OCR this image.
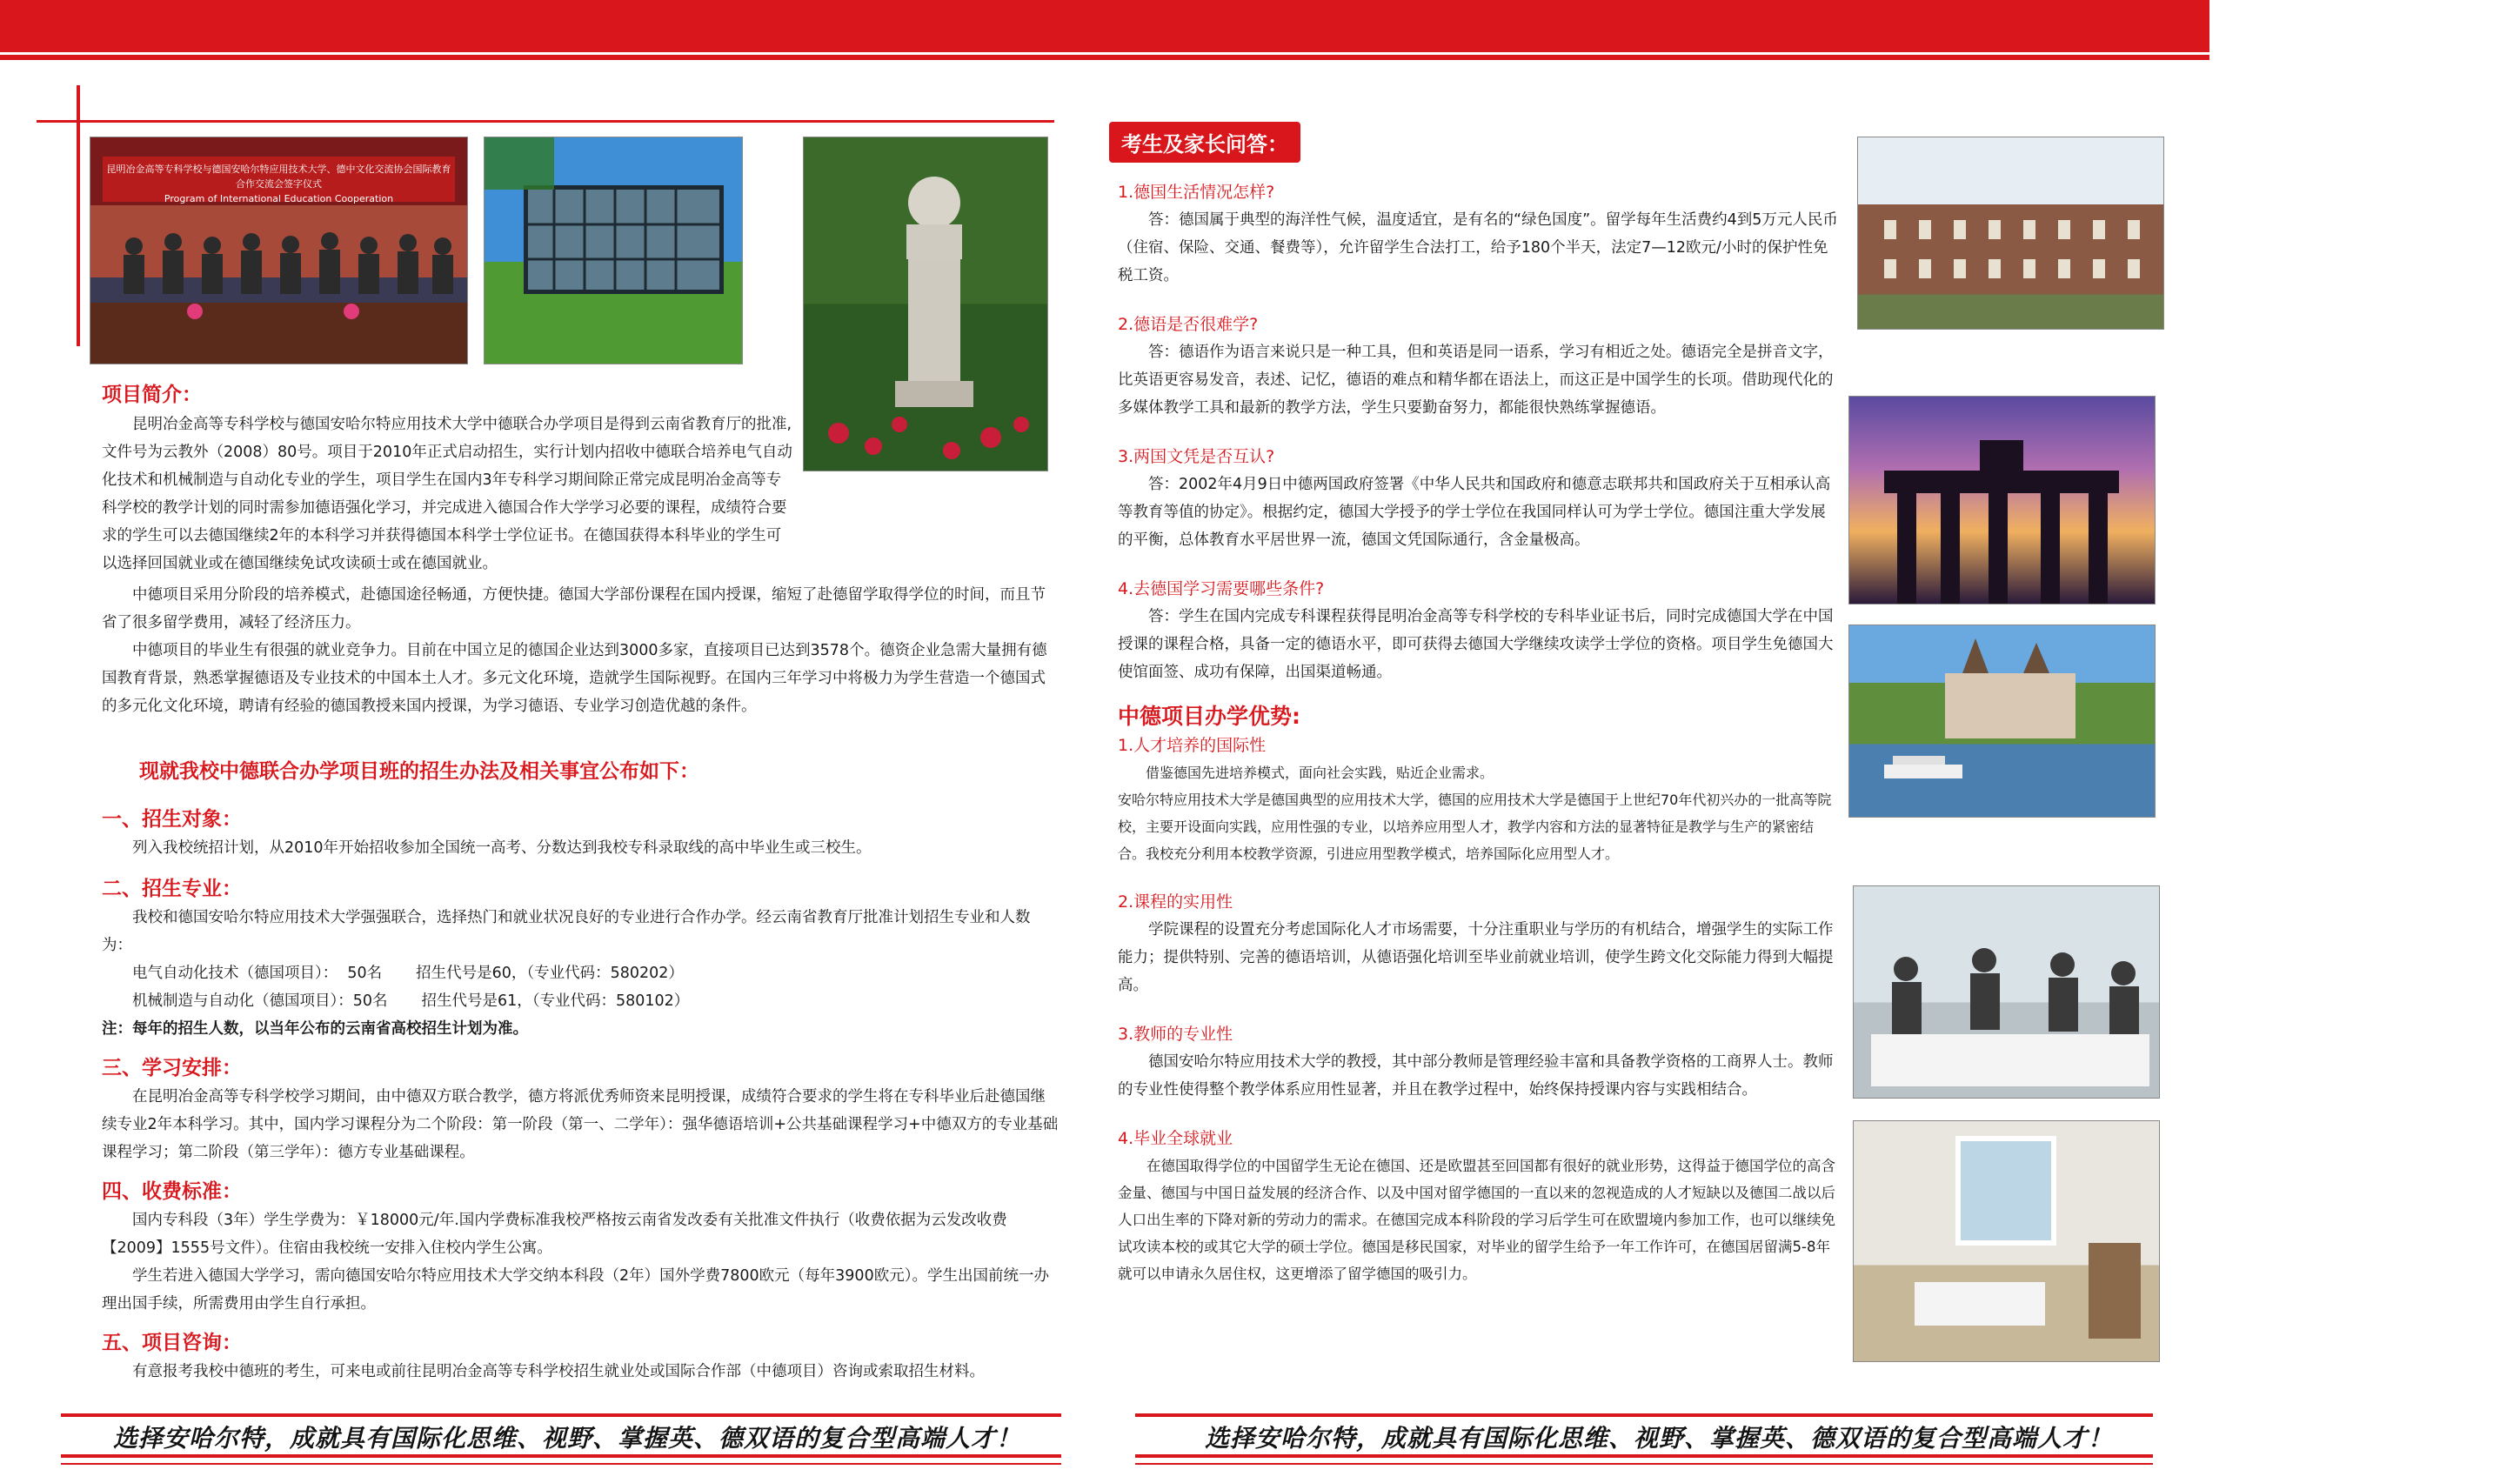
昆明冶金高等专科学校与德国安哈尔特应用技术大学、德中文化交流协会国际教育合作交流会签字仪式
Program of International Education Cooperation
项目简介：

昆明冶金高等专科学校与德国安哈尔特应用技术大学中德联合办学项目是得到云南省教育厅的批准,文件号为云教外（2008）80号。项目于2010年正式启动招生，实行计划内招收中德联合培养电气自动化技术和机械制造与自动化专业的学生，项目学生在国内3年专科学习期间除正常完成昆明冶金高等专科学校的教学计划的同时需参加德语强化学习，并完成进入德国合作大学学习必要的课程，成绩符合要求的学生可以去德国继续2年的本科学习并获得德国本科学士学位证书。在德国获得本科毕业的学生可以选择回国就业或在德国继续免试攻读硕士或在德国就业。

中德项目采用分阶段的培养模式，赴德国途径畅通，方便快捷。德国大学部份课程在国内授课，缩短了赴德留学取得学位的时间，而且节省了很多留学费用，减轻了经济压力。

中德项目的毕业生有很强的就业竞争力。目前在中国立足的德国企业达到3000多家，直接项目已达到3578个。德资企业急需大量拥有德国教育背景，熟悉掌握德语及专业技术的中国本土人才。多元文化环境，造就学生国际视野。在国内三年学习中将极力为学生营造一个德国式的多元化文化环境，聘请有经验的德国教授来国内授课，为学习德语、专业学习创造优越的条件。

现就我校中德联合办学项目班的招生办法及相关事宜公布如下：
一、招生对象：

列入我校统招计划，从2010年开始招收参加全国统一高考、分数达到我校专科录取线的高中毕业生或三校生。

二、招生专业：

我校和德国安哈尔特应用技术大学强强联合，选择热门和就业状况良好的专业进行合作办学。经云南省教育厅批准计划招生专业和人数为：

电气自动化技术（德国项目）：  50名       招生代号是60，（专业代码：580202）

机械制造与自动化（德国项目）：50名       招生代号是61，（专业代码：580102）

注：每年的招生人数，以当年公布的云南省高校招生计划为准。

三、学习安排：

在昆明冶金高等专科学校学习期间，由中德双方联合教学，德方将派优秀师资来昆明授课，成绩符合要求的学生将在专科毕业后赴德国继续专业2年本科学习。其中，国内学习课程分为二个阶段：第一阶段（第一、二学年）：强华德语培训+公共基础课程学习+中德双方的专业基础课程学习；第二阶段（第三学年）：德方专业基础课程。

四、收费标准：

国内专科段（3年）学生学费为：￥18000元/年.国内学费标准我校严格按云南省发改委有关批准文件执行（收费依据为云发改收费【2009】1555号文件）。住宿由我校统一安排入住校内学生公寓。

学生若进入德国大学学习，需向德国安哈尔特应用技术大学交纳本科段（2年）国外学费7800欧元（每年3900欧元）。学生出国前统一办理出国手续，所需费用由学生自行承担。

五、项目咨询：

有意报考我校中德班的考生，可来电或前往昆明冶金高等专科学校招生就业处或国际合作部（中德项目）咨询或索取招生材料。

选择安哈尔特，成就具有国际化思维、视野、掌握英、德双语的复合型高端人才！
考生及家长问答：
1.德国生活情况怎样?

答：德国属于典型的海洋性气候，温度适宜，是有名的“绿色国度”。留学每年生活费约4到5万元人民币（住宿、保险、交通、餐费等），允许留学生合法打工，给予180个半天，法定7—12欧元/小时的保护性免税工资。

2.德语是否很难学?

答：德语作为语言来说只是一种工具，但和英语是同一语系，学习有相近之处。德语完全是拼音文字，比英语更容易发音，表述、记忆，德语的难点和精华都在语法上，而这正是中国学生的长项。借助现代化的多媒体教学工具和最新的教学方法，学生只要勤奋努力，都能很快熟练掌握德语。

3.两国文凭是否互认?

答：2002年4月9日中德两国政府签署《中华人民共和国政府和德意志联邦共和国政府关于互相承认高等教育等值的协定》。根据约定，德国大学授予的学士学位在我国同样认可为学士学位。德国注重大学发展的平衡，总体教育水平居世界一流，德国文凭国际通行，含金量极高。

4.去德国学习需要哪些条件?

答：学生在国内完成专科课程获得昆明冶金高等专科学校的专科毕业证书后，同时完成德国大学在中国授课的课程合格，具备一定的德语水平，即可获得去德国大学继续攻读学士学位的资格。项目学生免德国大使馆面签、成功有保障，出国渠道畅通。

中德项目办学优势:
1.人才培养的国际性

借鉴德国先进培养模式，面向社会实践，贴近企业需求。

安哈尔特应用技术大学是德国典型的应用技术大学，德国的应用技术大学是德国于上世纪70年代初兴办的一批高等院校，主要开设面向实践，应用性强的专业，以培养应用型人才，教学内容和方法的显著特征是教学与生产的紧密结合。我校充分利用本校教学资源，引进应用型教学模式，培养国际化应用型人才。

2.课程的实用性

学院课程的设置充分考虑国际化人才市场需要，十分注重职业与学历的有机结合，增强学生的实际工作能力；提供特别、完善的德语培训，从德语强化培训至毕业前就业培训，使学生跨文化交际能力得到大幅提高。

3.教师的专业性

德国安哈尔特应用技术大学的教授，其中部分教师是管理经验丰富和具备教学资格的工商界人士。教师的专业性使得整个教学体系应用性显著，并且在教学过程中，始终保持授课内容与实践相结合。

4.毕业全球就业

在德国取得学位的中国留学生无论在德国、还是欧盟甚至回国都有很好的就业形势，这得益于德国学位的高含金量、德国与中国日益发展的经济合作、以及中国对留学德国的一直以来的忽视造成的人才短缺以及德国二战以后人口出生率的下降对新的劳动力的需求。在德国完成本科阶段的学习后学生可在欧盟境内参加工作，也可以继续免试攻读本校的或其它大学的硕士学位。德国是移民国家，对毕业的留学生给予一年工作许可，在德国居留满5-8年就可以申请永久居住权，这更增添了留学德国的吸引力。

选择安哈尔特，成就具有国际化思维、视野、掌握英、德双语的复合型高端人才！
